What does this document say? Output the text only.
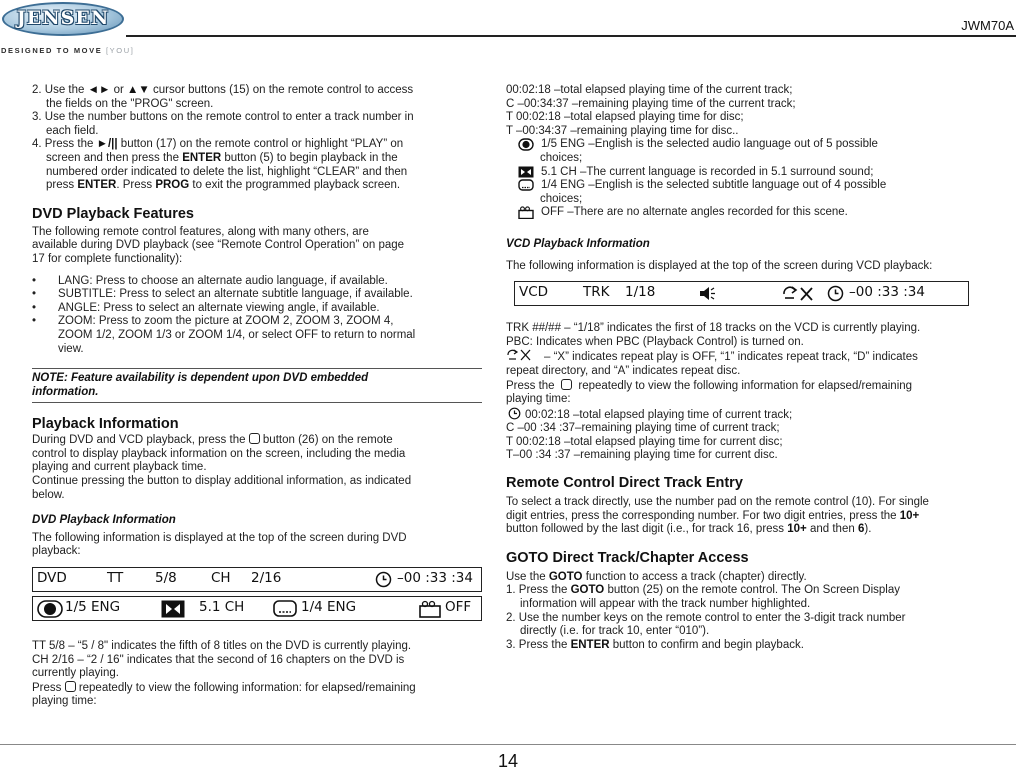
JENSEN
DESIGNED TO MOVE [YOU]
JWM70A

2. Use the ◄► or ▲▼ cursor buttons (15) on the remote control to access

the fields on the "PROG" screen.

3. Use the number buttons on the remote control to enter a track number in

each field.

4. Press the ►/|| button (17) on the remote control or highlight “PLAY” on

screen and then press the ENTER button (5) to begin playback in the

numbered order indicated to delete the list, highlight “CLEAR” and then

press ENTER. Press PROG to exit the programmed playback screen.

DVD Playback Features

The following remote control features, along with many others, are

available during DVD playback (see “Remote Control Operation” on page

17 for complete functionality):

•	LANG: Press to choose an alternate audio language, if available.
•	SUBTITLE: Press to select an alternate subtitle language, if available.
•	ANGLE: Press to select an alternate viewing angle, if available.
•	ZOOM: Press to zoom the picture at ZOOM 2, ZOOM 3, ZOOM 4,

ZOOM 1/2, ZOOM 1/3 or ZOOM 1/4, or select OFF to return to normal

view.

NOTE: Feature availability is dependent upon DVD embedded

information.

Playback Information

During DVD and VCD playback, press the button (26) on the remote

control to display playback information on the screen, including the media

playing and current playback time.

Continue pressing the button to display additional information, as indicated

below.

DVD Playback Information

The following information is displayed at the top of the screen during DVD

playback:

DVD	TT 5/8	CH 2/16	–00 :33 :34
1/5 ENG	5.1 CH	1/4 ENG	OFF

TT 5/8 – “5 / 8" indicates the fifth of 8 titles on the DVD is currently playing.

CH 2/16 – “2 / 16" indicates that the second of 16 chapters on the DVD is

currently playing.

Press repeatedly to view the following information: for elapsed/remaining

playing time:

00:02:18 –total elapsed playing time of the current track;

C –00:34:37 –remaining playing time of the current track;

T 00:02:18 –total elapsed playing time for disc;

T –00:34:37 –remaining playing time for disc..

1/5 ENG –English is the selected audio language out of 5 possible

choices;

5.1 CH –The current language is recorded in 5.1 surround sound;
1/4 ENG –English is the selected subtitle language out of 4 possible

choices;

OFF –There are no alternate angles recorded for this scene.
VCD Playback Information

The following information is displayed at the top of the screen during VCD playback:

VCD	TRK 1/18	–00 :33 :34

TRK ##/## – “1/18” indicates the first of 18 tracks on the VCD is currently playing.

PBC: Indicates when PBC (Playback Control) is turned on.

– “X” indicates repeat play is OFF, “1” indicates repeat track, “D” indicates

repeat directory, and “A” indicates repeat disc.

Press the repeatedly to view the following information for elapsed/remaining

playing time:

00:02:18 –total elapsed playing time of current track;

C –00 :34 :37–remaining playing time of current track;

T 00:02:18 –total elapsed playing time for current disc;

T–00 :34 :37 –remaining playing time for current disc.

Remote Control Direct Track Entry

To select a track directly, use the number pad on the remote control (10). For single

digit entries, press the corresponding number. For two digit entries, press the 10+

button followed by the last digit (i.e., for track 16, press 10+ and then 6).

GOTO Direct Track/Chapter Access

Use the GOTO function to access a track (chapter) directly.

1. Press the GOTO button (25) on the remote control. The On Screen Display

information will appear with the track number highlighted.

2. Use the number keys on the remote control to enter the 3-digit track number

directly (i.e. for track 10, enter “010”).

3. Press the ENTER button to confirm and begin playback.

14
